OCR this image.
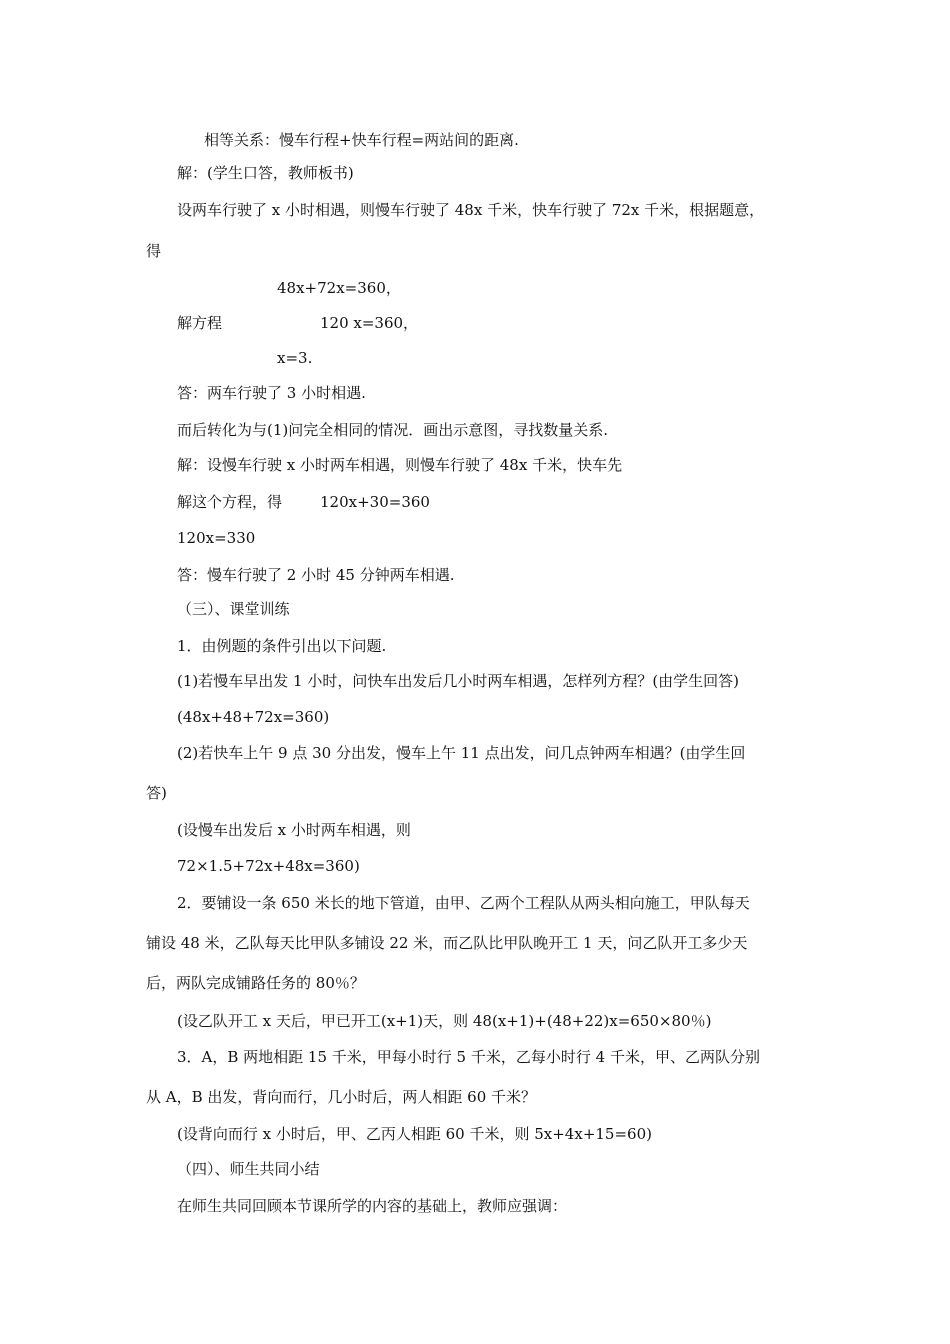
相等关系：慢车行程+快车行程=两站间的距离.
解：(学生口答，教师板书)
设两车行驶了 x 小时相遇，则慢车行驶了 48x 千米，快车行驶了 72x 千米，根据题意，
得
48x+72x=360，
解方程	120 x=360，
x=3.
答：两车行驶了 3 小时相遇.
而后转化为与(1)问完全相同的情况．画出示意图，寻找数量关系.
解：设慢车行驶 x 小时两车相遇，则慢车行驶了 48x 千米，快车先
解这个方程，得	120x+30=360
120x=330
答：慢车行驶了 2 小时 45 分钟两车相遇.
（三）、课堂训练
1．由例题的条件引出以下问题.
(1)若慢车早出发 1 小时，问快车出发后几小时两车相遇，怎样列方程？(由学生回答)
(48x+48+72x=360)
(2)若快车上午 9 点 30 分出发，慢车上午 11 点出发，问几点钟两车相遇？(由学生回
答)
(设慢车出发后 x 小时两车相遇，则
72×1.5+72x+48x=360)
2．要铺设一条 650 米长的地下管道，由甲、乙两个工程队从两头相向施工，甲队每天
铺设 48 米，乙队每天比甲队多铺设 22 米，而乙队比甲队晚开工 1 天，问乙队开工多少天
后，两队完成铺路任务的 80％？
(设乙队开工 x 天后，甲已开工(x+1)天，则 48(x+1)+(48+22)x=650×80％)
3．A，B 两地相距 15 千米，甲每小时行 5 千米，乙每小时行 4 千米，甲、乙两队分别
从 A，B 出发，背向而行，几小时后，两人相距 60 千米？
(设背向而行 x 小时后，甲、乙丙人相距 60 千米，则 5x+4x+15=60)
（四）、师生共同小结
在师生共同回顾本节课所学的内容的基础上，教师应强调：
